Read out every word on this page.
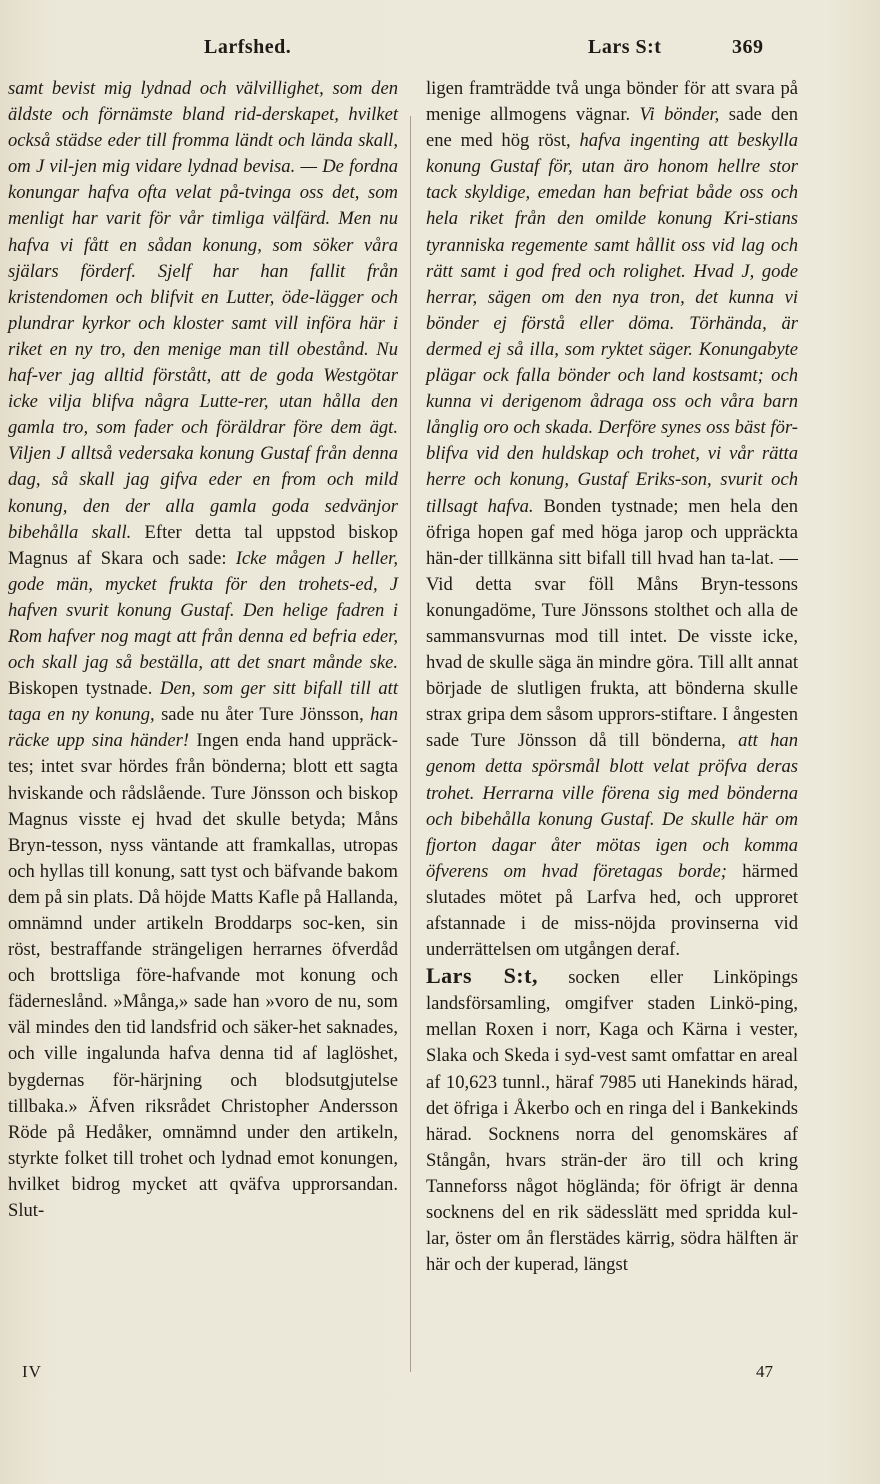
Larfshed.	Lars S:t	369

samt bevist mig lydnad och välvillighet, som den äldste och förnämste bland rid-derskapet, hvilket också städse eder till fromma ländt och lända skall, om J vil-jen mig vidare lydnad bevisa. — De fordna konungar hafva ofta velat på-tvinga oss det, som menligt har varit för vår timliga välfärd. Men nu hafva vi fått en sådan konung, som söker våra själars förderf. Sjelf har han fallit från kristendomen och blifvit en Lutter, öde-lägger och plundrar kyrkor och kloster samt vill införa här i riket en ny tro, den menige man till obestånd. Nu haf-ver jag alltid förstått, att de goda Westgötar icke vilja blifva några Lutte-rer, utan hålla den gamla tro, som fader och föräldrar före dem ägt. Viljen J alltså vedersaka konung Gustaf från denna dag, så skall jag gifva eder en from och mild konung, den der alla gamla goda sedvänjor bibehålla skall. Efter detta tal uppstod biskop Magnus af Skara och sade: Icke mågen J heller, gode män, mycket frukta för den trohets-ed, J hafven svurit konung Gustaf. Den helige fadren i Rom hafver nog magt att från denna ed befria eder, och skall jag så beställa, att det snart månde ske. Biskopen tystnade. Den, som ger sitt bifall till att taga en ny konung, sade nu åter Ture Jönsson, han räcke upp sina händer! Ingen enda hand uppräck-tes; intet svar hördes från bönderna; blott ett sagta hviskande och rådslående. Ture Jönsson och biskop Magnus visste ej hvad det skulle betyda; Måns Bryn-tesson, nyss väntande att framkallas, utropas och hyllas till konung, satt tyst och bäfvande bakom dem på sin plats. Då höjde Matts Kafle på Hallanda, omnämnd under artikeln Broddarps soc-ken, sin röst, bestraffande strängeligen herrarnes öfverdåd och brottsliga före-hafvande mot konung och fäderneslånd. »Många,» sade han »voro de nu, som väl mindes den tid landsfrid och säker-het saknades, och ville ingalunda hafva denna tid af laglöshet, bygdernas för-härjning och blodsutgjutelse tillbaka.» Äfven riksrådet Christopher Andersson Röde på Hedåker, omnämnd under den artikeln, styrkte folket till trohet och lydnad emot konungen, hvilket bidrog mycket att qväfva upprorsandan. Slut-

ligen framträdde två unga bönder för att svara på menige allmogens vägnar. Vi bönder, sade den ene med hög röst, hafva ingenting att beskylla konung Gustaf för, utan äro honom hellre stor tack skyldige, emedan han befriat både oss och hela riket från den omilde konung Kri-stians tyranniska regemente samt hållit oss vid lag och rätt samt i god fred och rolighet. Hvad J, gode herrar, sägen om den nya tron, det kunna vi bönder ej förstå eller döma. Törhända, är dermed ej så illa, som ryktet säger. Konungabyte plägar ock falla bönder och land kostsamt; och kunna vi derigenom ådraga oss och våra barn långlig oro och skada. Derföre synes oss bäst för-blifva vid den huldskap och trohet, vi vår rätta herre och konung, Gustaf Eriks-son, svurit och tillsagt hafva. Bonden tystnade; men hela den öfriga hopen gaf med höga jarop och uppräckta hän-der tillkänna sitt bifall till hvad han ta-lat. — Vid detta svar föll Måns Bryn-tessons konungadöme, Ture Jönssons stolthet och alla de sammansvurnas mod till intet. De visste icke, hvad de skulle säga än mindre göra. Till allt annat började de slutligen frukta, att bönderna skulle strax gripa dem såsom upprors-stiftare. I ångesten sade Ture Jönsson då till bönderna, att han genom detta spörsmål blott velat pröfva deras trohet. Herrarna ville förena sig med bönderna och bibehålla konung Gustaf. De skulle här om fjorton dagar åter mötas igen och komma öfverens om hvad företagas borde; härmed slutades mötet på Larfva hed, och upproret afstannade i de miss-nöjda provinserna vid underrättelsen om utgången deraf.

Lars S:t, socken eller Linköpings landsförsamling, omgifver staden Linkö-ping, mellan Roxen i norr, Kaga och Kärna i vester, Slaka och Skeda i syd-vest samt omfattar en areal af 10,623 tunnl., häraf 7985 uti Hanekinds härad, det öfriga i Åkerbo och en ringa del i Bankekinds härad. Socknens norra del genomskäres af Stångån, hvars strän-der äro till och kring Tanneforss något högländа; för öfrigt är denna socknens del en rik sädesslätt med spridda kul-lar, öster om ån flerstädes kärrig, södra hälften är här och der kuperad, längst

IV	47
